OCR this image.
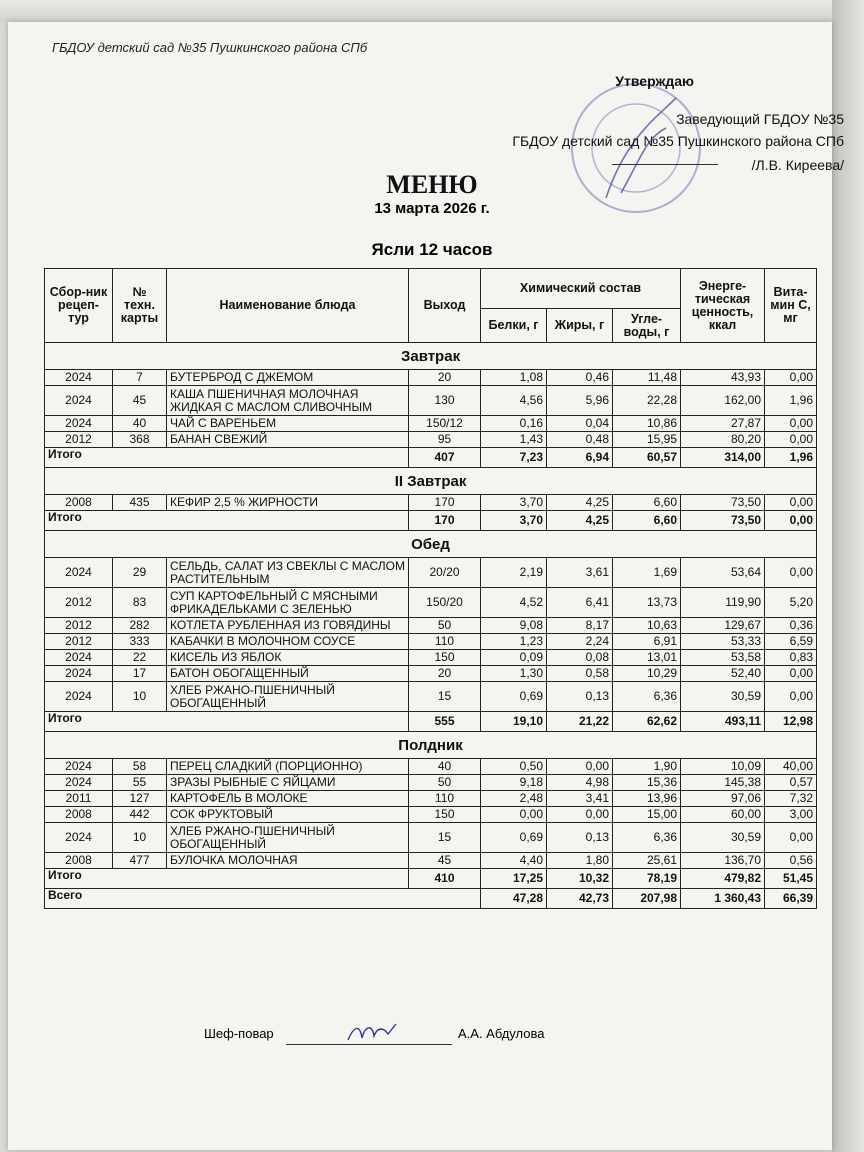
ГБДОУ детский сад №35 Пушкинского района СПб
Утверждаю
Заведующий ГБДОУ №35
ГБДОУ детский сад №35 Пушкинского района СПб
/Л.В. Киреева/
МЕНЮ
13 марта 2026 г.
Ясли 12 часов
Сбор-ник рецеп-тур	№ техн. карты	Наименование блюда	Выход	Химический состав			Энерге-тическая ценность, ккал	Вита-мин С, мг
				Белки, г	Жиры, г	Угле-воды, г		
Завтрак								
2024	7	БУТЕРБРОД С ДЖЕМОМ	20	1,08	0,46	11,48	43,93	0,00
2024	45	КАША ПШЕНИЧНАЯ МОЛОЧНАЯ ЖИДКАЯ С МАСЛОМ СЛИВОЧНЫМ	130	4,56	5,96	22,28	162,00	1,96
2024	40	ЧАЙ С ВАРЕНЬЕМ	150/12	0,16	0,04	10,86	27,87	0,00
2012	368	БАНАН СВЕЖИЙ	95	1,43	0,48	15,95	80,20	0,00
Итого			407	7,23	6,94	60,57	314,00	1,96
II Завтрак								
2008	435	КЕФИР 2,5 % ЖИРНОСТИ	170	3,70	4,25	6,60	73,50	0,00
Итого			170	3,70	4,25	6,60	73,50	0,00
Обед								
2024	29	СЕЛЬДЬ, САЛАТ ИЗ СВЕКЛЫ С МАСЛОМ РАСТИТЕЛЬНЫМ	20/20	2,19	3,61	1,69	53,64	0,00
2012	83	СУП КАРТОФЕЛЬНЫЙ С МЯСНЫМИ ФРИКАДЕЛЬКАМИ С ЗЕЛЕНЬЮ	150/20	4,52	6,41	13,73	119,90	5,20
2012	282	КОТЛЕТА РУБЛЕННАЯ ИЗ ГОВЯДИНЫ	50	9,08	8,17	10,63	129,67	0,36
2012	333	КАБАЧКИ В МОЛОЧНОМ СОУСЕ	110	1,23	2,24	6,91	53,33	6,59
2024	22	КИСЕЛЬ ИЗ ЯБЛОК	150	0,09	0,08	13,01	53,58	0,83
2024	17	БАТОН ОБОГАЩЕННЫЙ	20	1,30	0,58	10,29	52,40	0,00
2024	10	ХЛЕБ РЖАНО-ПШЕНИЧНЫЙ ОБОГАЩЕННЫЙ	15	0,69	0,13	6,36	30,59	0,00
Итого			555	19,10	21,22	62,62	493,11	12,98
Полдник								
2024	58	ПЕРЕЦ СЛАДКИЙ (ПОРЦИОННО)	40	0,50	0,00	1,90	10,09	40,00
2024	55	ЗРАЗЫ РЫБНЫЕ С ЯЙЦАМИ	50	9,18	4,98	15,36	145,38	0,57
2011	127	КАРТОФЕЛЬ В МОЛОКЕ	110	2,48	3,41	13,96	97,06	7,32
2008	442	СОК ФРУКТОВЫЙ	150	0,00	0,00	15,00	60,00	3,00
2024	10	ХЛЕБ РЖАНО-ПШЕНИЧНЫЙ ОБОГАЩЕННЫЙ	15	0,69	0,13	6,36	30,59	0,00
2008	477	БУЛОЧКА МОЛОЧНАЯ	45	4,40	1,80	25,61	136,70	0,56
Итого			410	17,25	10,32	78,19	479,82	51,45
Всего				47,28	42,73	207,98	1 360,43	66,39
Шеф-повар	А.А. Абдулова
